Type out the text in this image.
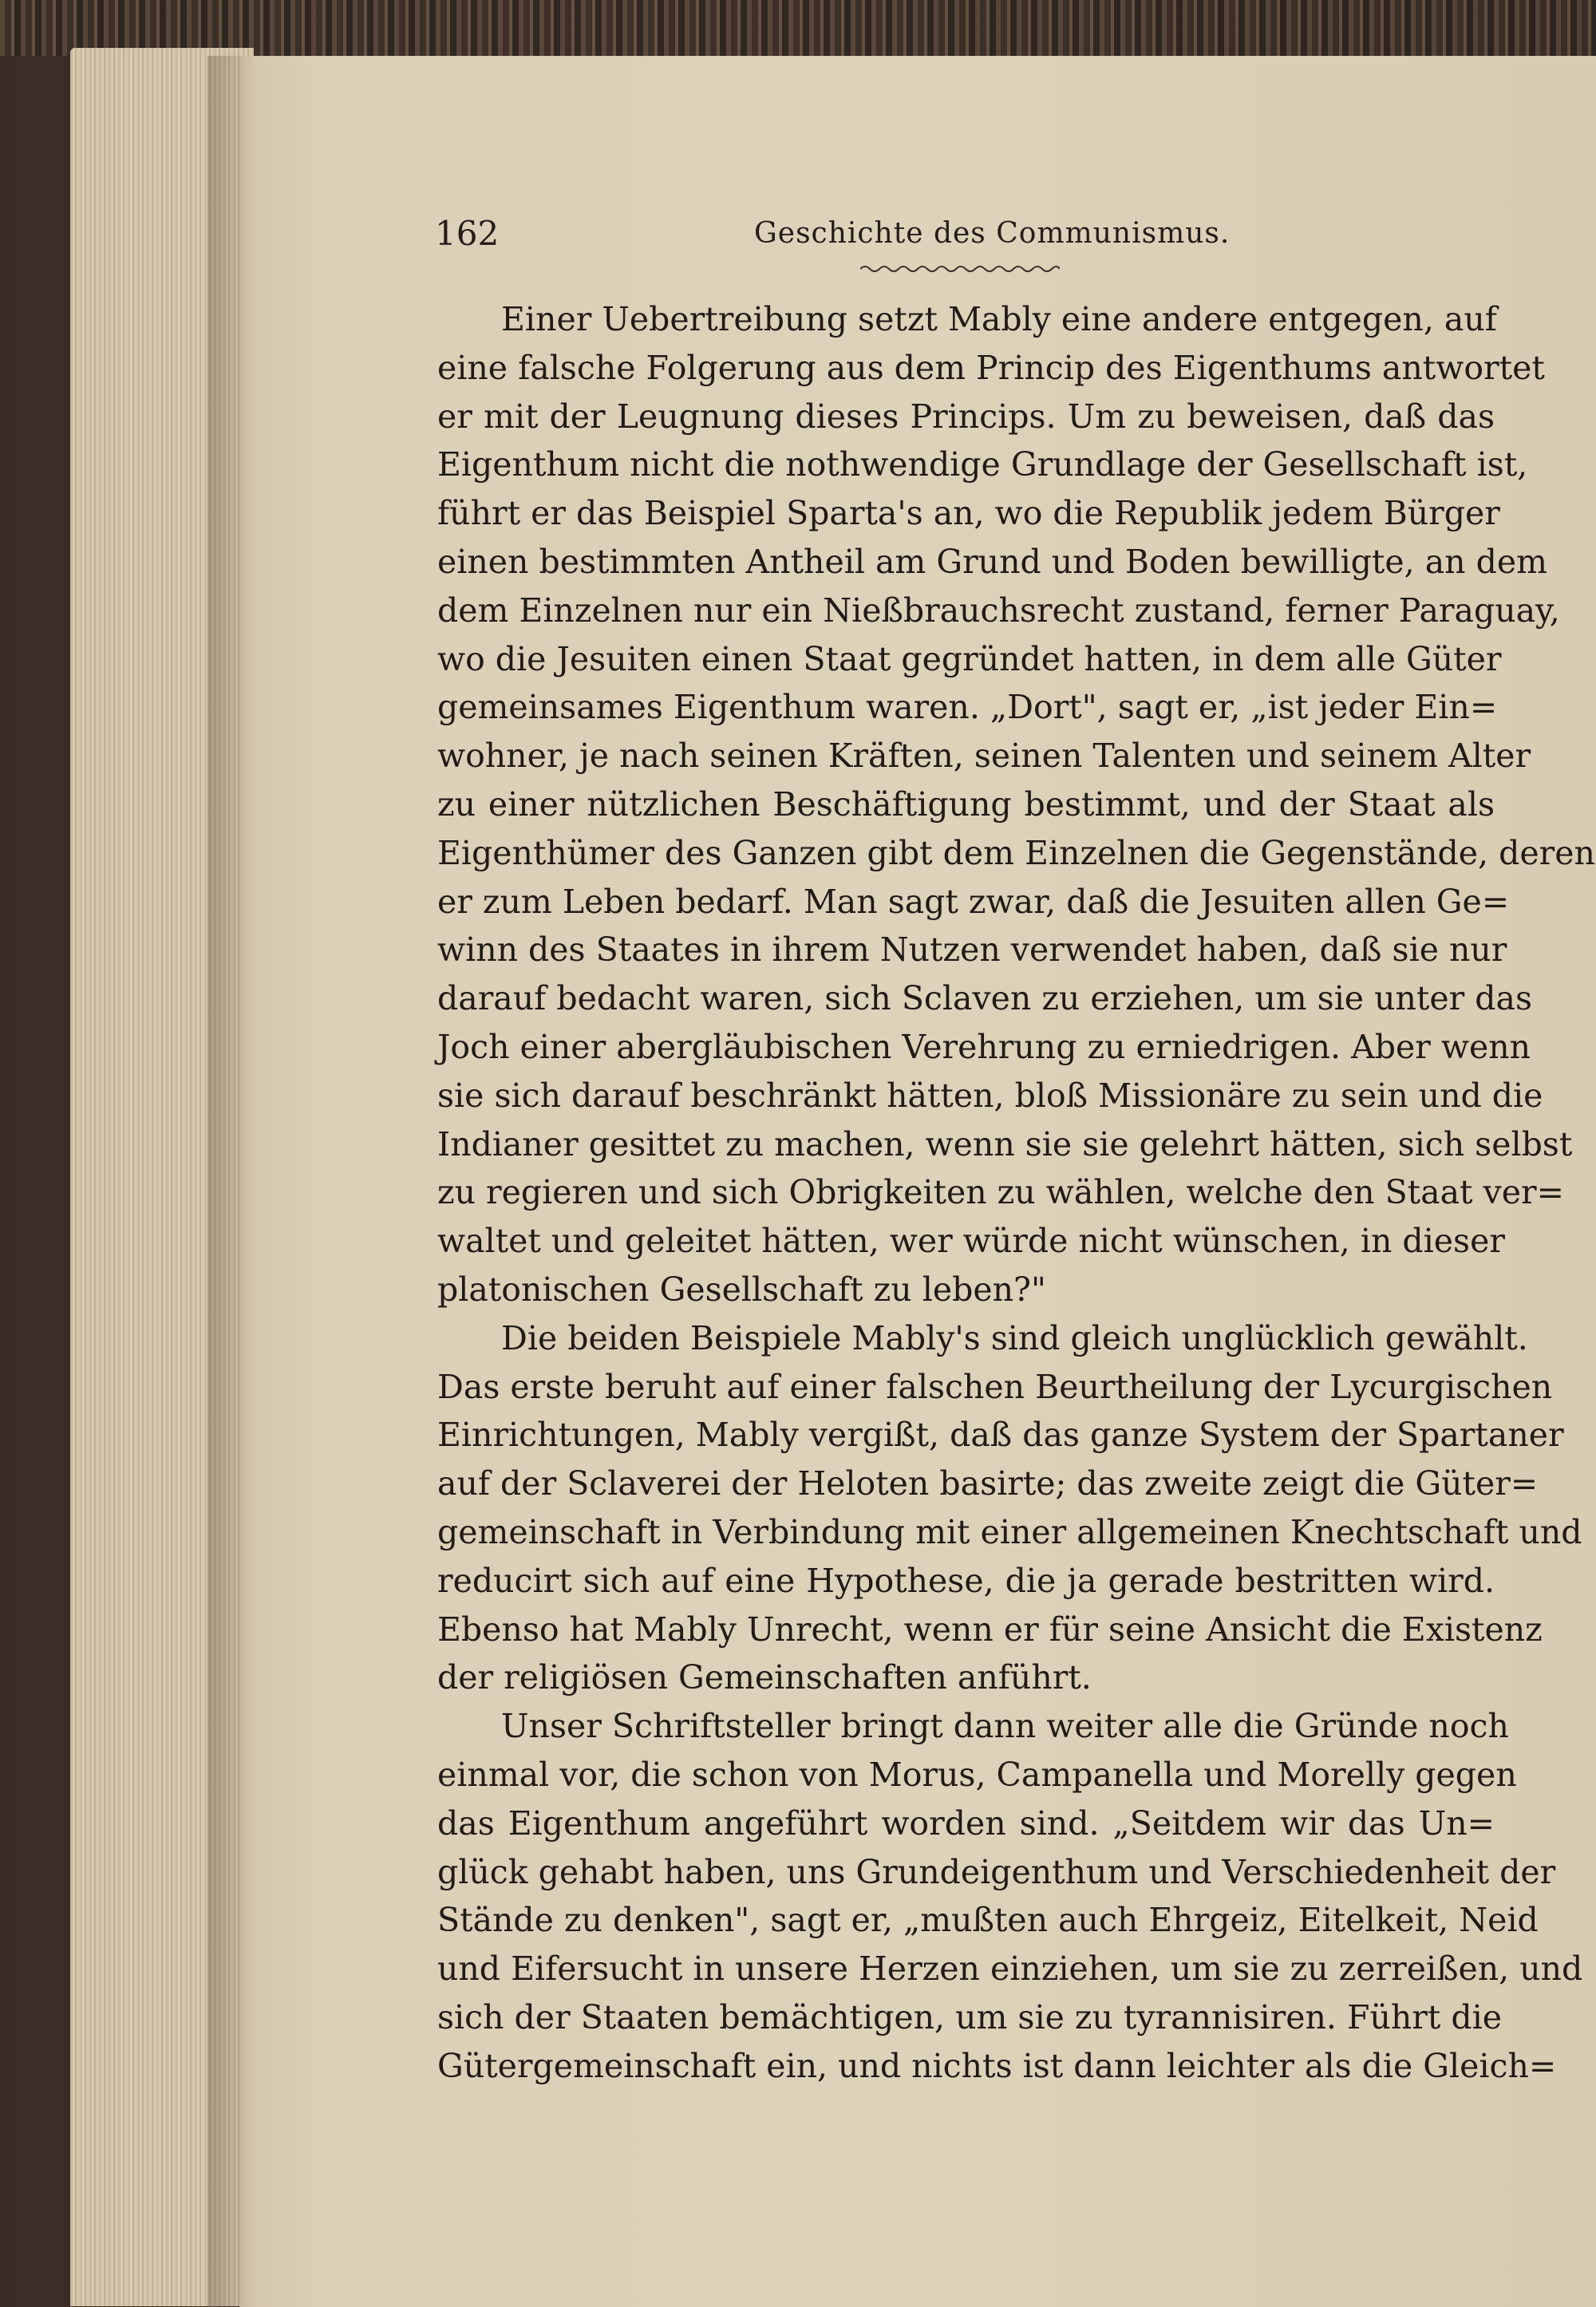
162	Geschichte des Communismus.
Einer Uebertreibung setzt Mably eine andere entgegen, auf
eine falsche Folgerung aus dem Princip des Eigenthums antwortet
er mit der Leugnung dieses Princips. Um zu beweisen, daß das
Eigenthum nicht die nothwendige Grundlage der Gesellschaft ist,
führt er das Beispiel Sparta's an, wo die Republik jedem Bürger
einen bestimmten Antheil am Grund und Boden bewilligte, an dem
dem Einzelnen nur ein Nießbrauchsrecht zustand, ferner Paraguay,
wo die Jesuiten einen Staat gegründet hatten, in dem alle Güter
gemeinsames Eigenthum waren. „Dort", sagt er, „ist jeder Ein=
wohner, je nach seinen Kräften, seinen Talenten und seinem Alter
zu einer nützlichen Beschäftigung bestimmt, und der Staat als
Eigenthümer des Ganzen gibt dem Einzelnen die Gegenstände, deren
er zum Leben bedarf. Man sagt zwar, daß die Jesuiten allen Ge=
winn des Staates in ihrem Nutzen verwendet haben, daß sie nur
darauf bedacht waren, sich Sclaven zu erziehen, um sie unter das
Joch einer abergläubischen Verehrung zu erniedrigen. Aber wenn
sie sich darauf beschränkt hätten, bloß Missionäre zu sein und die
Indianer gesittet zu machen, wenn sie sie gelehrt hätten, sich selbst
zu regieren und sich Obrigkeiten zu wählen, welche den Staat ver=
waltet und geleitet hätten, wer würde nicht wünschen, in dieser
platonischen Gesellschaft zu leben?"
Die beiden Beispiele Mably's sind gleich unglücklich gewählt.
Das erste beruht auf einer falschen Beurtheilung der Lycurgischen
Einrichtungen, Mably vergißt, daß das ganze System der Spartaner
auf der Sclaverei der Heloten basirte; das zweite zeigt die Güter=
gemeinschaft in Verbindung mit einer allgemeinen Knechtschaft und
reducirt sich auf eine Hypothese, die ja gerade bestritten wird.
Ebenso hat Mably Unrecht, wenn er für seine Ansicht die Existenz
der religiösen Gemeinschaften anführt.
Unser Schriftsteller bringt dann weiter alle die Gründe noch
einmal vor, die schon von Morus, Campanella und Morelly gegen
das Eigenthum angeführt worden sind. „Seitdem wir das Un=
glück gehabt haben, uns Grundeigenthum und Verschiedenheit der
Stände zu denken", sagt er, „mußten auch Ehrgeiz, Eitelkeit, Neid
und Eifersucht in unsere Herzen einziehen, um sie zu zerreißen, und
sich der Staaten bemächtigen, um sie zu tyrannisiren. Führt die
Gütergemeinschaft ein, und nichts ist dann leichter als die Gleich=
